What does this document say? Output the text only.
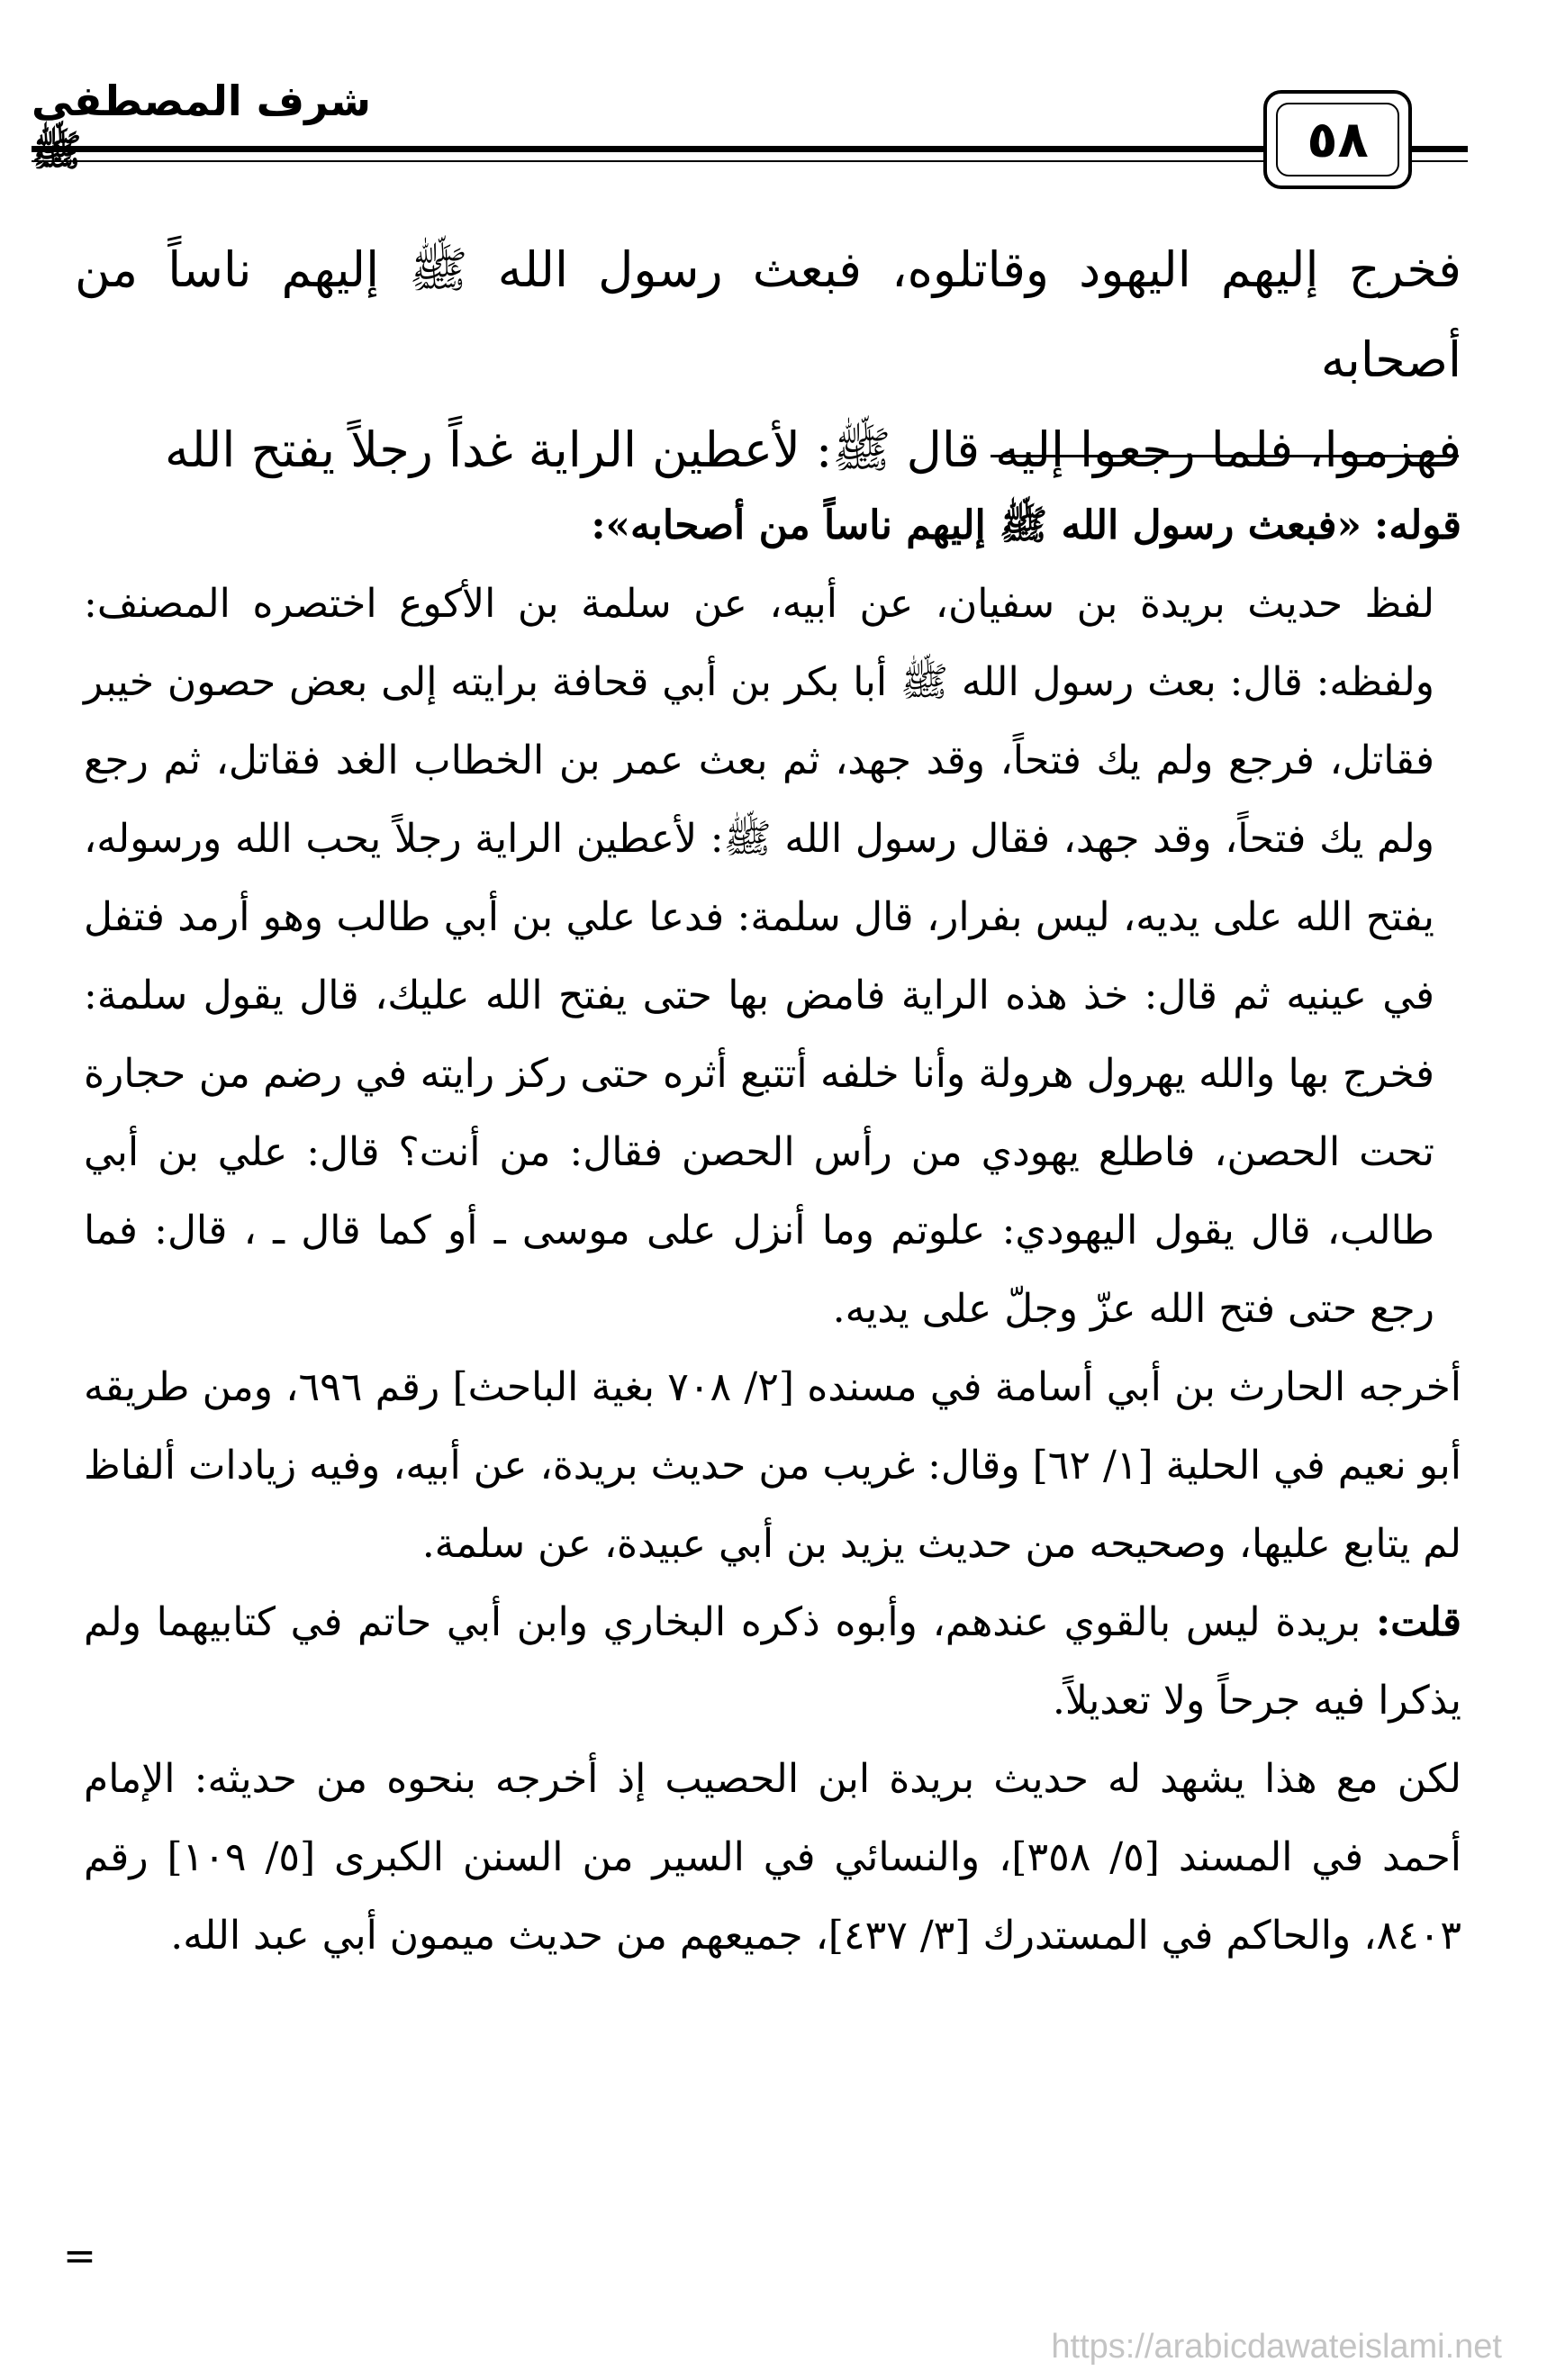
شرف المصطفى ﷺ	٥٨

فخرج إليهم اليهود وقاتلوه، فبعث رسول الله ﷺ إليهم ناساً من أصحابه

فهزموا، فلما رجعوا إليه قال ﷺ: لأعطين الراية غداً رجلاً يفتح الله

قوله: «فبعث رسول الله ﷺ إليهم ناساً من أصحابه»:

لفظ حديث بريدة بن سفيان، عن أبيه، عن سلمة بن الأكوع اختصره المصنف: ولفظه: قال: بعث رسول الله ﷺ أبا بكر بن أبي قحافة برايته إلى بعض حصون خيبر فقاتل، فرجع ولم يك فتحاً، وقد جهد، ثم بعث عمر بن الخطاب الغد فقاتل، ثم رجع ولم يك فتحاً، وقد جهد، فقال رسول الله ﷺ: لأعطين الراية رجلاً يحب الله ورسوله، يفتح الله على يديه، ليس بفرار، قال سلمة: فدعا علي بن أبي طالب وهو أرمد فتفل في عينيه ثم قال: خذ هذه الراية فامض بها حتى يفتح الله عليك، قال يقول سلمة: فخرج بها والله يهرول هرولة وأنا خلفه أتتبع أثره حتى ركز رايته في رضم من حجارة تحت الحصن، فاطلع يهودي من رأس الحصن فقال: من أنت؟ قال: علي بن أبي طالب، قال يقول اليهودي: علوتم وما أنزل على موسى ـ أو كما قال ـ ، قال: فما رجع حتى فتح الله عزّ وجلّ على يديه.

أخرجه الحارث بن أبي أسامة في مسنده [٢/ ٧٠٨ بغية الباحث] رقم ٦٩٦، ومن طريقه أبو نعيم في الحلية [١/ ٦٢] وقال: غريب من حديث بريدة، عن أبيه، وفيه زيادات ألفاظ لم يتابع عليها، وصحيحه من حديث يزيد بن أبي عبيدة، عن سلمة.

قلت: بريدة ليس بالقوي عندهم، وأبوه ذكره البخاري وابن أبي حاتم في كتابيهما ولم يذكرا فيه جرحاً ولا تعديلاً.

لكن مع هذا يشهد له حديث بريدة ابن الحصيب إذ أخرجه بنحوه من حديثه: الإمام أحمد في المسند [٥/ ٣٥٨]، والنسائي في السير من السنن الكبرى [٥/ ١٠٩] رقم ٨٤٠٣، والحاكم في المستدرك [٣/ ٤٣٧]، جميعهم من حديث ميمون أبي عبد الله.

=
https://arabicdawateislami.net
